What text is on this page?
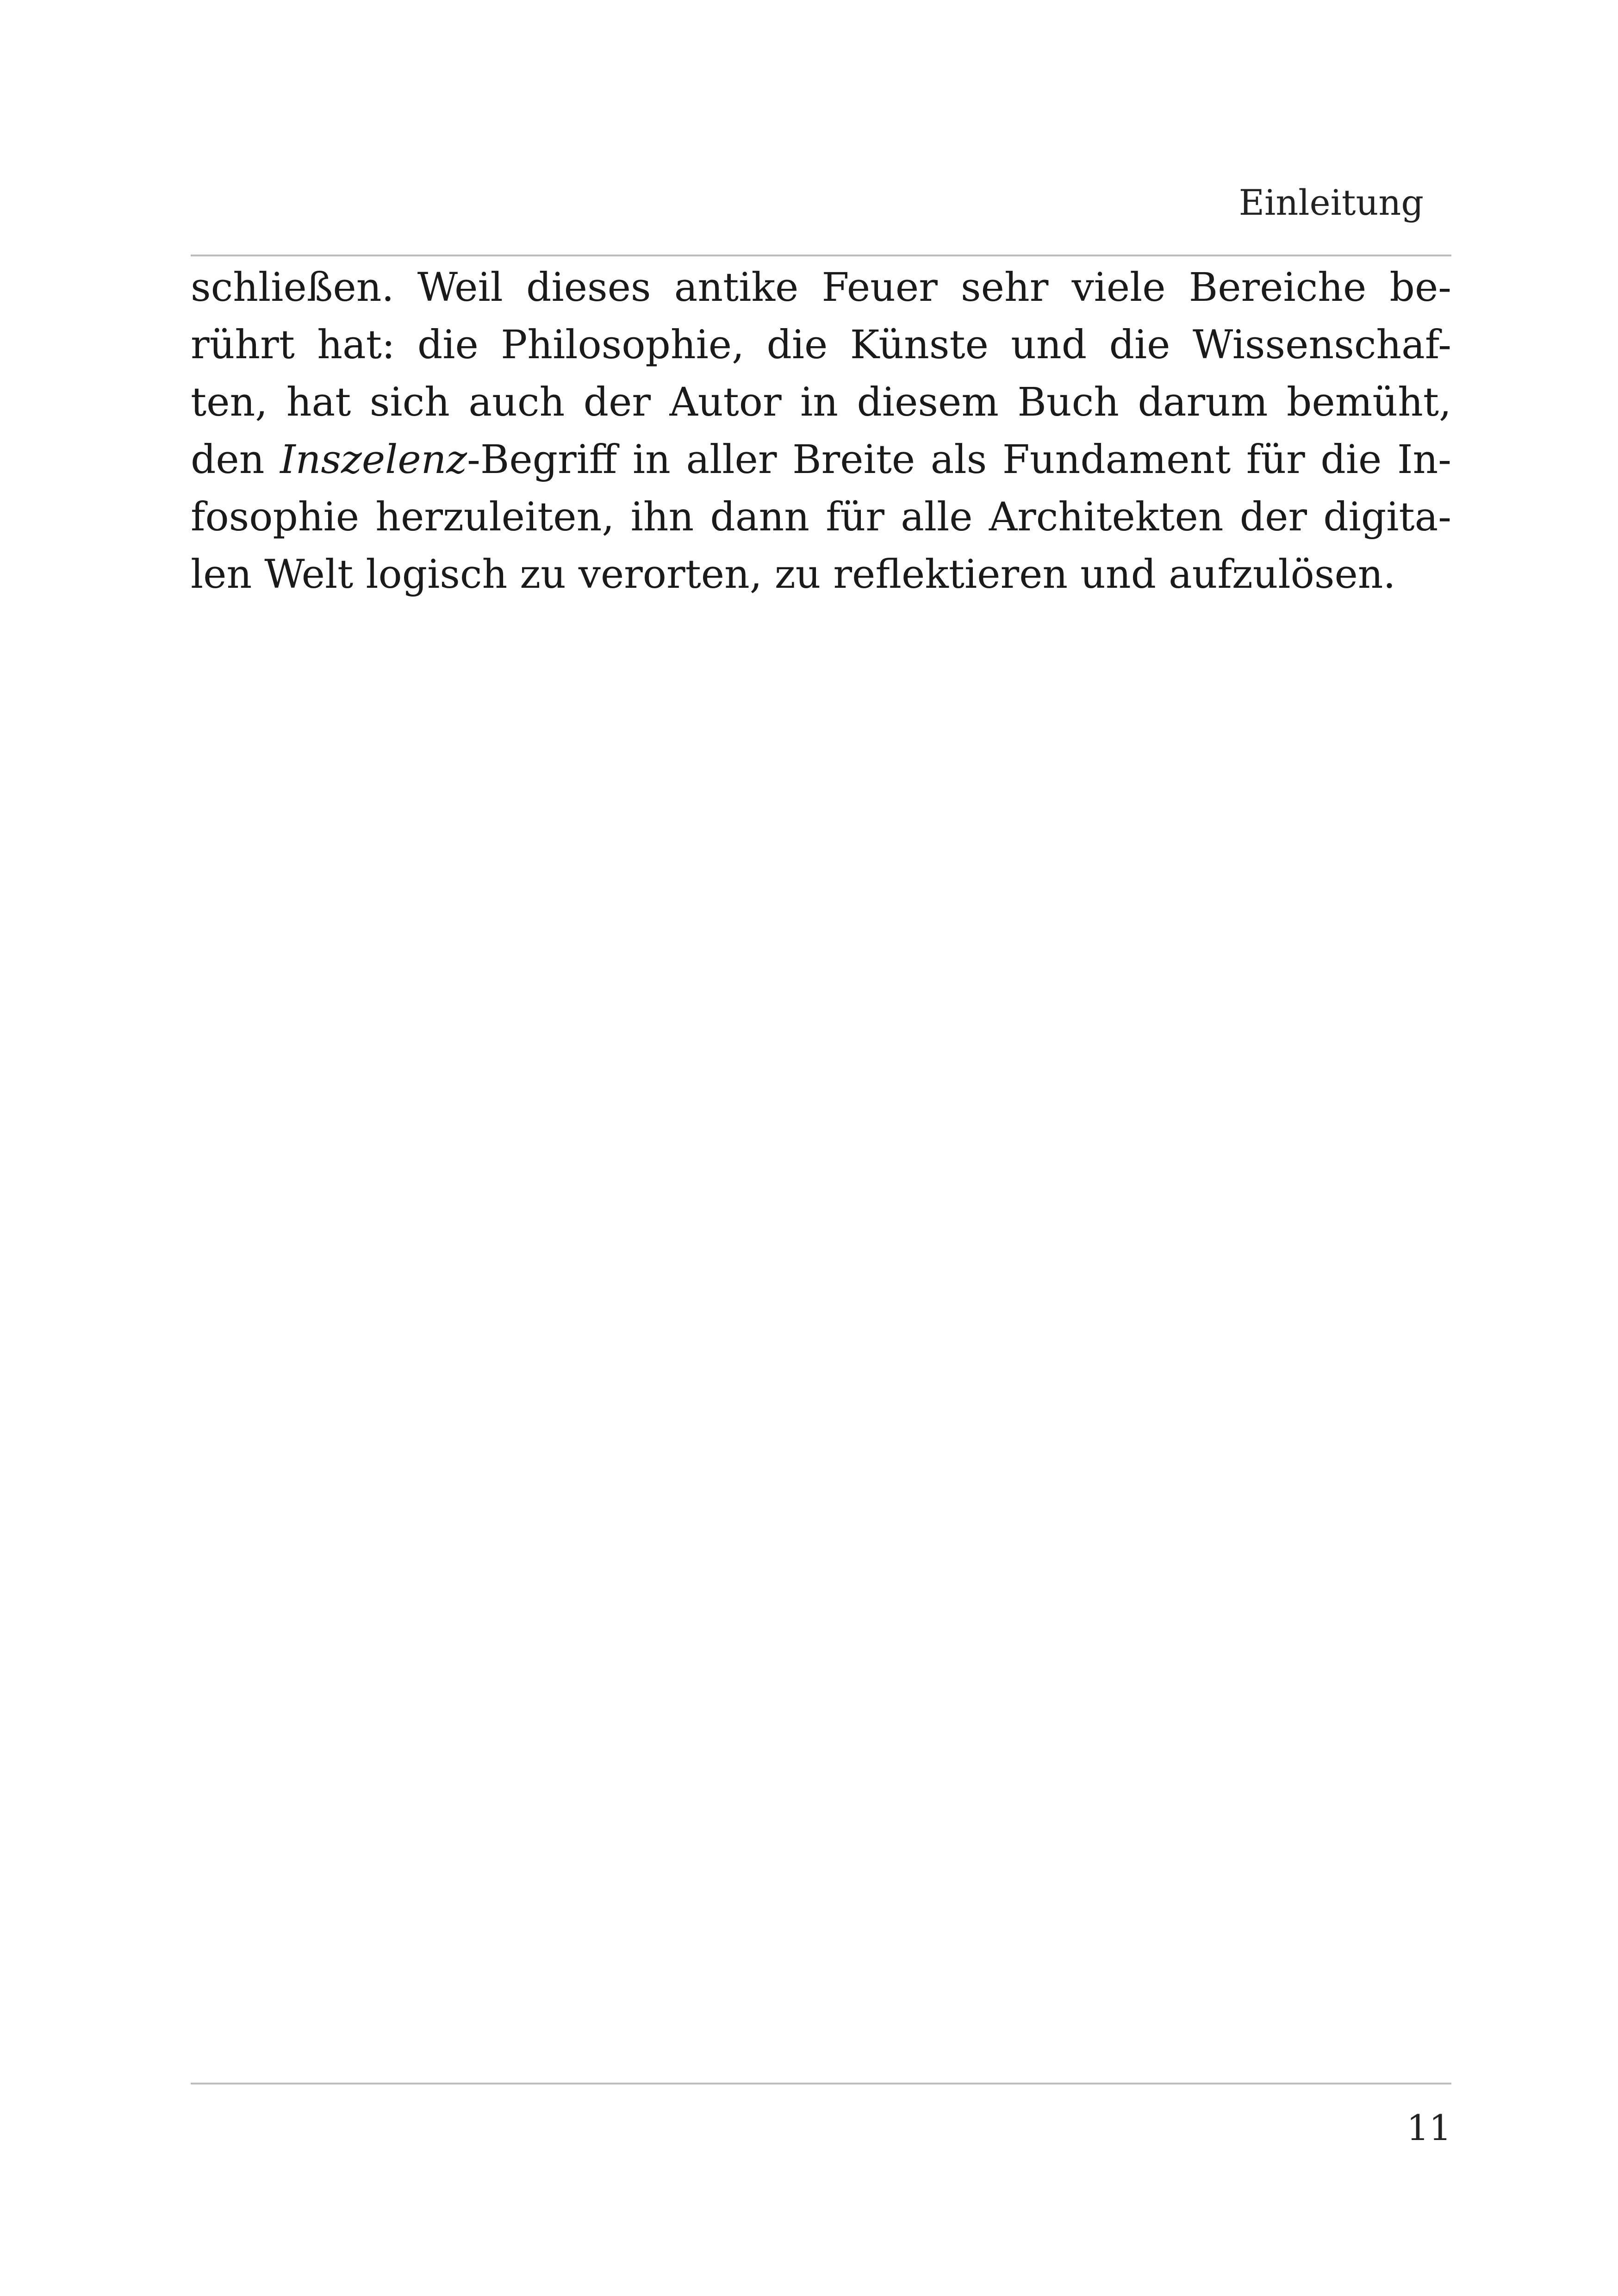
Einleitung
schließen. Weil dieses antike Feuer sehr viele Bereiche be-
rührt hat: die Philosophie, die Künste und die Wissenschaf-
ten, hat sich auch der Autor in diesem Buch darum bemüht,
den Inszelenz-Begriff in aller Breite als Fundament für die In-
fosophie herzuleiten, ihn dann für alle Architekten der digita-
len Welt logisch zu verorten, zu reflektieren und aufzulösen.
11
